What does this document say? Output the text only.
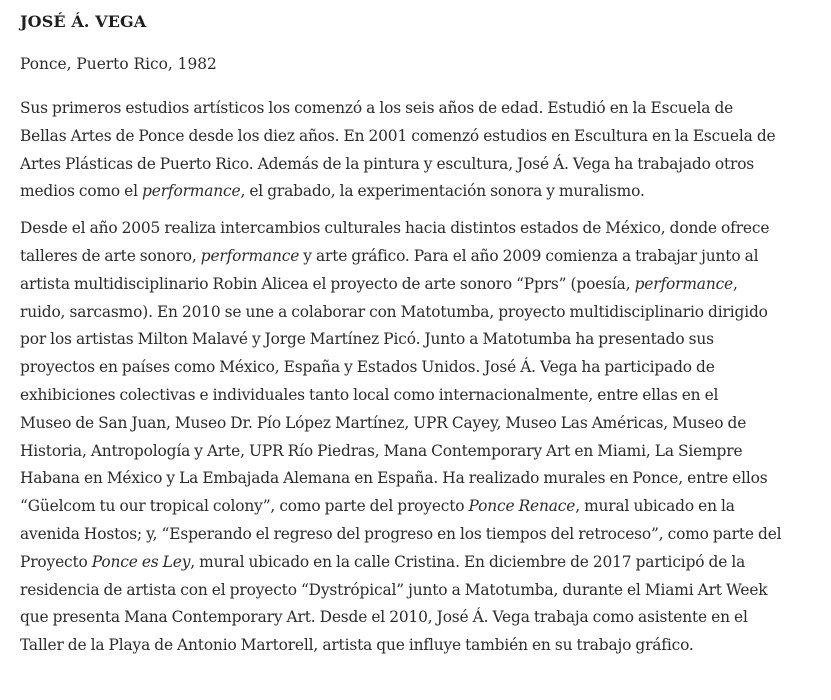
JOSÉ Á. VEGA

Ponce, Puerto Rico, 1982

Sus primeros estudios artísticos los comenzó a los seis años de edad. Estudió en la Escuela de
Bellas Artes de Ponce desde los diez años. En 2001 comenzó estudios en Escultura en la Escuela de
Artes Plásticas de Puerto Rico. Además de la pintura y escultura, José Á. Vega ha trabajado otros
medios como el performance, el grabado, la experimentación sonora y muralismo.

Desde el año 2005 realiza intercambios culturales hacia distintos estados de México, donde ofrece
talleres de arte sonoro, performance y arte gráfico. Para el año 2009 comienza a trabajar junto al
artista multidisciplinario Robin Alicea el proyecto de arte sonoro “Pprs” (poesía, performance,
ruido, sarcasmo). En 2010 se une a colaborar con Matotumba, proyecto multidisciplinario dirigido
por los artistas Milton Malavé y Jorge Martínez Picó. Junto a Matotumba ha presentado sus
proyectos en países como México, España y Estados Unidos. José Á. Vega ha participado de
exhibiciones colectivas e individuales tanto local como internacionalmente, entre ellas en el
Museo de San Juan, Museo Dr. Pío López Martínez, UPR Cayey, Museo Las Américas, Museo de
Historia, Antropología y Arte, UPR Río Piedras, Mana Contemporary Art en Miami, La Siempre
Habana en México y La Embajada Alemana en España. Ha realizado murales en Ponce, entre ellos
“Güelcom tu our tropical colony”, como parte del proyecto Ponce Renace, mural ubicado en la
avenida Hostos; y, “Esperando el regreso del progreso en los tiempos del retroceso”, como parte del
Proyecto Ponce es Ley, mural ubicado en la calle Cristina. En diciembre de 2017 participó de la
residencia de artista con el proyecto “Dystrópical” junto a Matotumba, durante el Miami Art Week
que presenta Mana Contemporary Art. Desde el 2010, José Á. Vega trabaja como asistente en el
Taller de la Playa de Antonio Martorell, artista que influye también en su trabajo gráfico.
